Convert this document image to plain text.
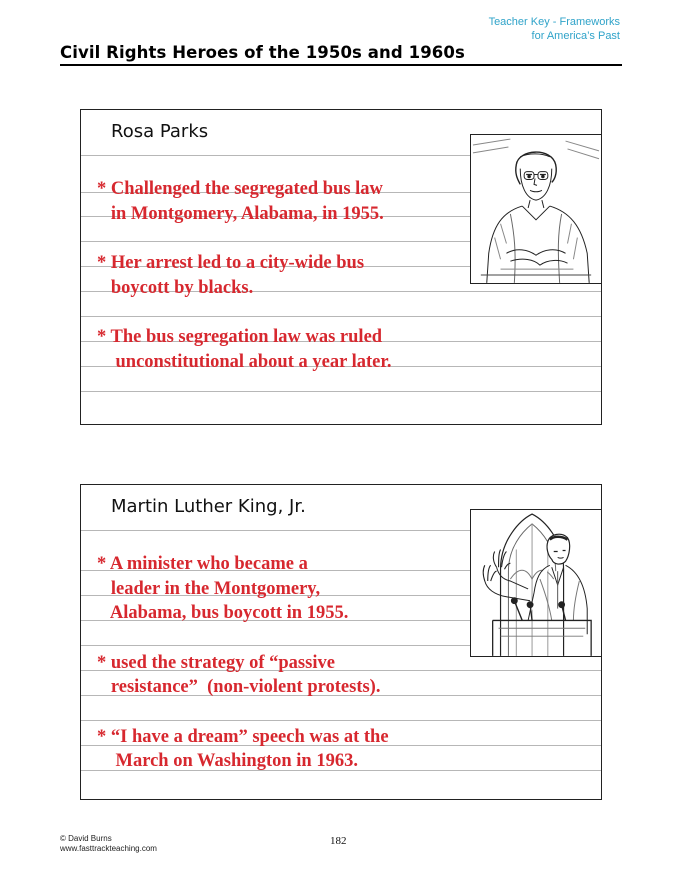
Teacher Key - Frameworks
for America’s Past
Civil Rights Heroes of the 1950s and 1960s
Rosa Parks
* Challenged the segregated bus law
in Montgomery, Alabama, in 1955.
* Her arrest led to a city-wide bus
boycott by blacks.
* The bus segregation law was ruled
unconstitutional about a year later.
Martin Luther King, Jr.
* A minister who became a
leader in the Montgomery,
Alabama, bus boycott in 1955.
* used the strategy of “passive
resistance”  (non-violent protests).
* “I have a dream” speech was at the
March on Washington in 1963.
© David Burns
www.fasttrackteaching.com
182
